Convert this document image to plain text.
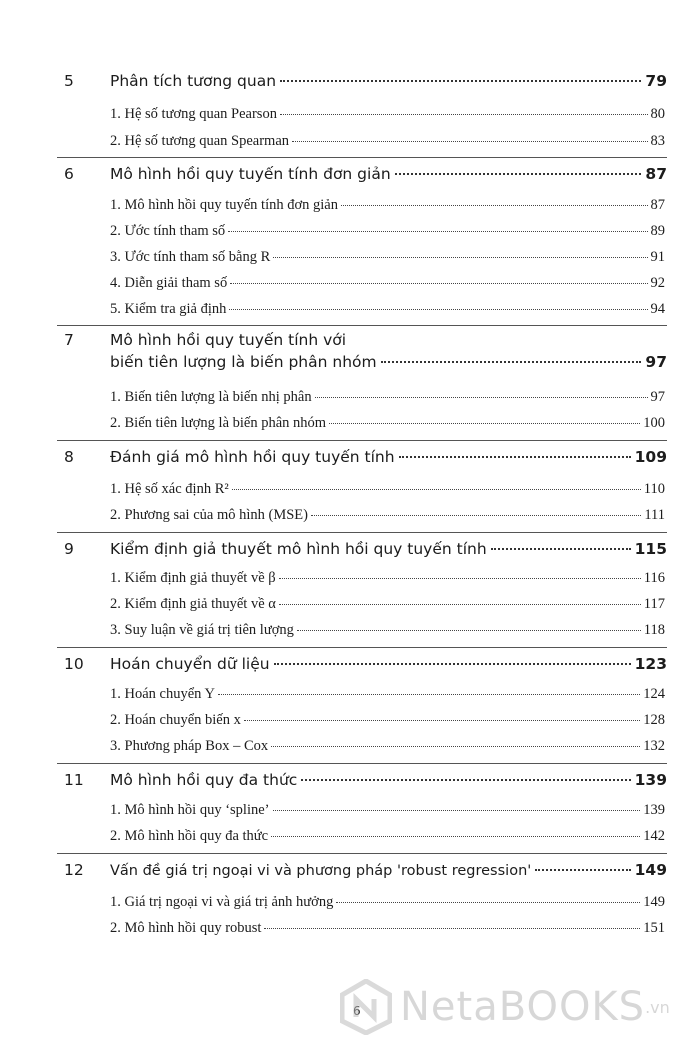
5	Phân tích tương quan	79
1. Hệ số tương quan Pearson	80
2. Hệ số tương quan Spearman	83
6	Mô hình hồi quy tuyến tính đơn giản	87
1. Mô hình hồi quy tuyến tính đơn giản	87
2. Ước tính tham số	89
3. Ước tính tham số bằng R	91
4. Diễn giải tham số	92
5. Kiểm tra giả định	94
7	Mô hình hồi quy tuyến tính với
biến tiên lượng là biến phân nhóm	97
1. Biến tiên lượng là biến nhị phân	97
2. Biến tiên lượng là biến phân nhóm	100
8	Đánh giá mô hình hồi quy tuyến tính	109
1. Hệ số xác định R²	110
2. Phương sai của mô hình (MSE)	111
9	Kiểm định giả thuyết mô hình hồi quy tuyến tính	115
1. Kiểm định giả thuyết về β	116
2. Kiểm định giả thuyết về α	117
3. Suy luận về giá trị tiên lượng	118
10	Hoán chuyển dữ liệu	123
1. Hoán chuyển Y	124
2. Hoán chuyển biến x	128
3. Phương pháp Box – Cox	132
11	Mô hình hồi quy đa thức	139
1. Mô hình hồi quy ‘spline’	139
2. Mô hình hồi quy đa thức	142
12	Vấn đề giá trị ngoại vi và phương pháp 'robust regression'	149
1. Giá trị ngoại vi và giá trị ảnh hưởng	149
2. Mô hình hồi quy robust	151
6 NetaBOOKS .vn
